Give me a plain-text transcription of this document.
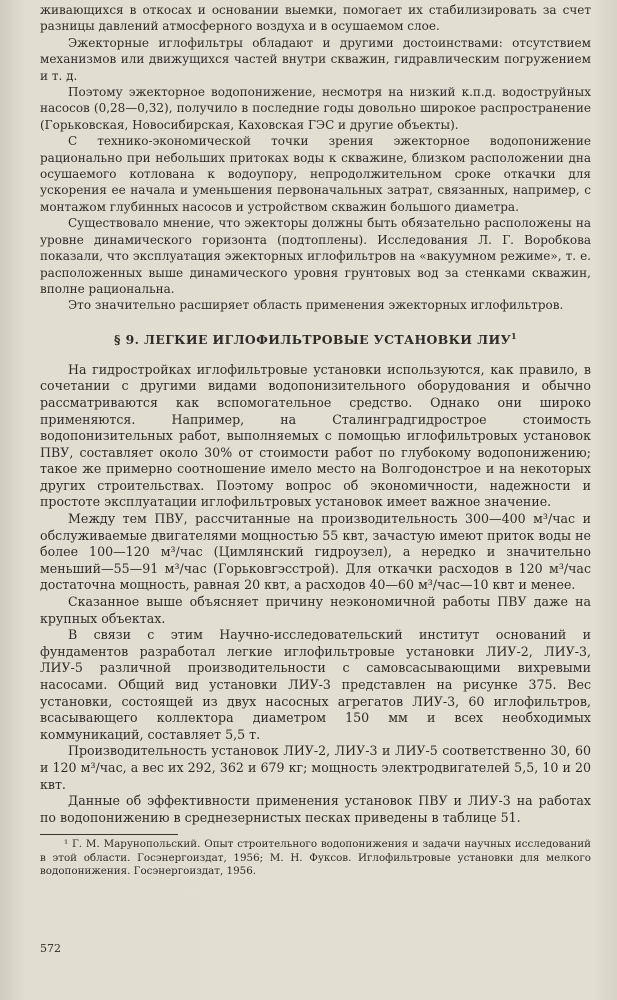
живающихся в откосах и основании выемки, помогает их стабилизировать за счет разницы давлений атмосферного воздуха и в осушаемом слое.

Эжекторные иглофильтры обладают и другими достоинствами: отсутствием механизмов или движущихся частей внутри скважин, гидравлическим погружением и т. д.

Поэтому эжекторное водопонижение, несмотря на низкий к.п.д. водоструйных насосов (0,28—0,32), получило в последние годы довольно широкое распространение (Горьковская, Новосибирская, Каховская ГЭС и другие объекты).

С технико-экономической точки зрения эжекторное водопонижение рационально при небольших притоках воды к скважине, близком расположении дна осушаемого котлована к водоупору, непродолжительном сроке откачки для ускорения ее начала и уменьшения первоначальных затрат, связанных, например, с монтажом глубинных насосов и устройством скважин большого диаметра.

Существовало мнение, что эжекторы должны быть обязательно расположены на уровне динамического горизонта (подтоплены). Исследования Л. Г. Воробкова показали, что эксплуатация эжекторных иглофильтров на «вакуумном режиме», т. е. расположенных выше динамического уровня грунтовых вод за стенками скважин, вполне рациональна.

Это значительно расширяет область применения эжекторных иглофильтров.

§ 9. ЛЕГКИЕ ИГЛОФИЛЬТРОВЫЕ УСТАНОВКИ ЛИУ$^1$

На гидростройках иглофильтровые установки используются, как правило, в сочетании с другими видами водопонизительного оборудования и обычно рассматриваются как вспомогательное средство. Однако они широко применяются. Например, на Сталинградгидрострое стоимость водопонизительных работ, выполняемых с помощью иглофильтровых установок ПВУ, составляет около 30% от стоимости работ по глубокому водопонижению; такое же примерно соотношение имело место на Волгодонстрое и на некоторых других строительствах. Поэтому вопрос об экономичности, надежности и простоте эксплуатации иглофильтровых установок имеет важное значение.

Между тем ПВУ, рассчитанные на производительность 300—400 м³/час и обслуживаемые двигателями мощностью 55 квт, зачастую имеют приток воды не более 100—120 м³/час (Цимлянский гидроузел), а нередко и значительно меньший—55—91 м³/час (Горьковгэсстрой). Для откачки расходов в 120 м³/час достаточна мощность, равная 20 квт, а расходов 40—60 м³/час—10 квт и менее.

Сказанное выше объясняет причину неэкономичной работы ПВУ даже на крупных объектах.

В связи с этим Научно-исследовательский институт оснований и фундаментов разработал легкие иглофильтровые установки ЛИУ-2, ЛИУ-3, ЛИУ-5 различной производительности с самовсасывающими вихревыми насосами. Общий вид установки ЛИУ-3 представлен на рисунке 375. Вес установки, состоящей из двух насосных агрегатов ЛИУ-3, 60 иглофильтров, всасывающего коллектора диаметром 150 мм и всех необходимых коммуникаций, составляет 5,5 т.

Производительность установок ЛИУ-2, ЛИУ-3 и ЛИУ-5 соответственно 30, 60 и 120 м³/час, а вес их 292, 362 и 679 кг; мощность электродвигателей 5,5, 10 и 20 квт.

Данные об эффективности применения установок ПВУ и ЛИУ-3 на работах по водопонижению в среднезернистых песках приведены в таблице 51.

¹ Г. М. Марунопольский. Опыт строительного водопонижения и задачи научных исследований в этой области. Госэнергоиздат, 1956; М. Н. Фуксов. Иглофильтровые установки для мелкого водопонижения. Госэнергоиздат, 1956.

572
